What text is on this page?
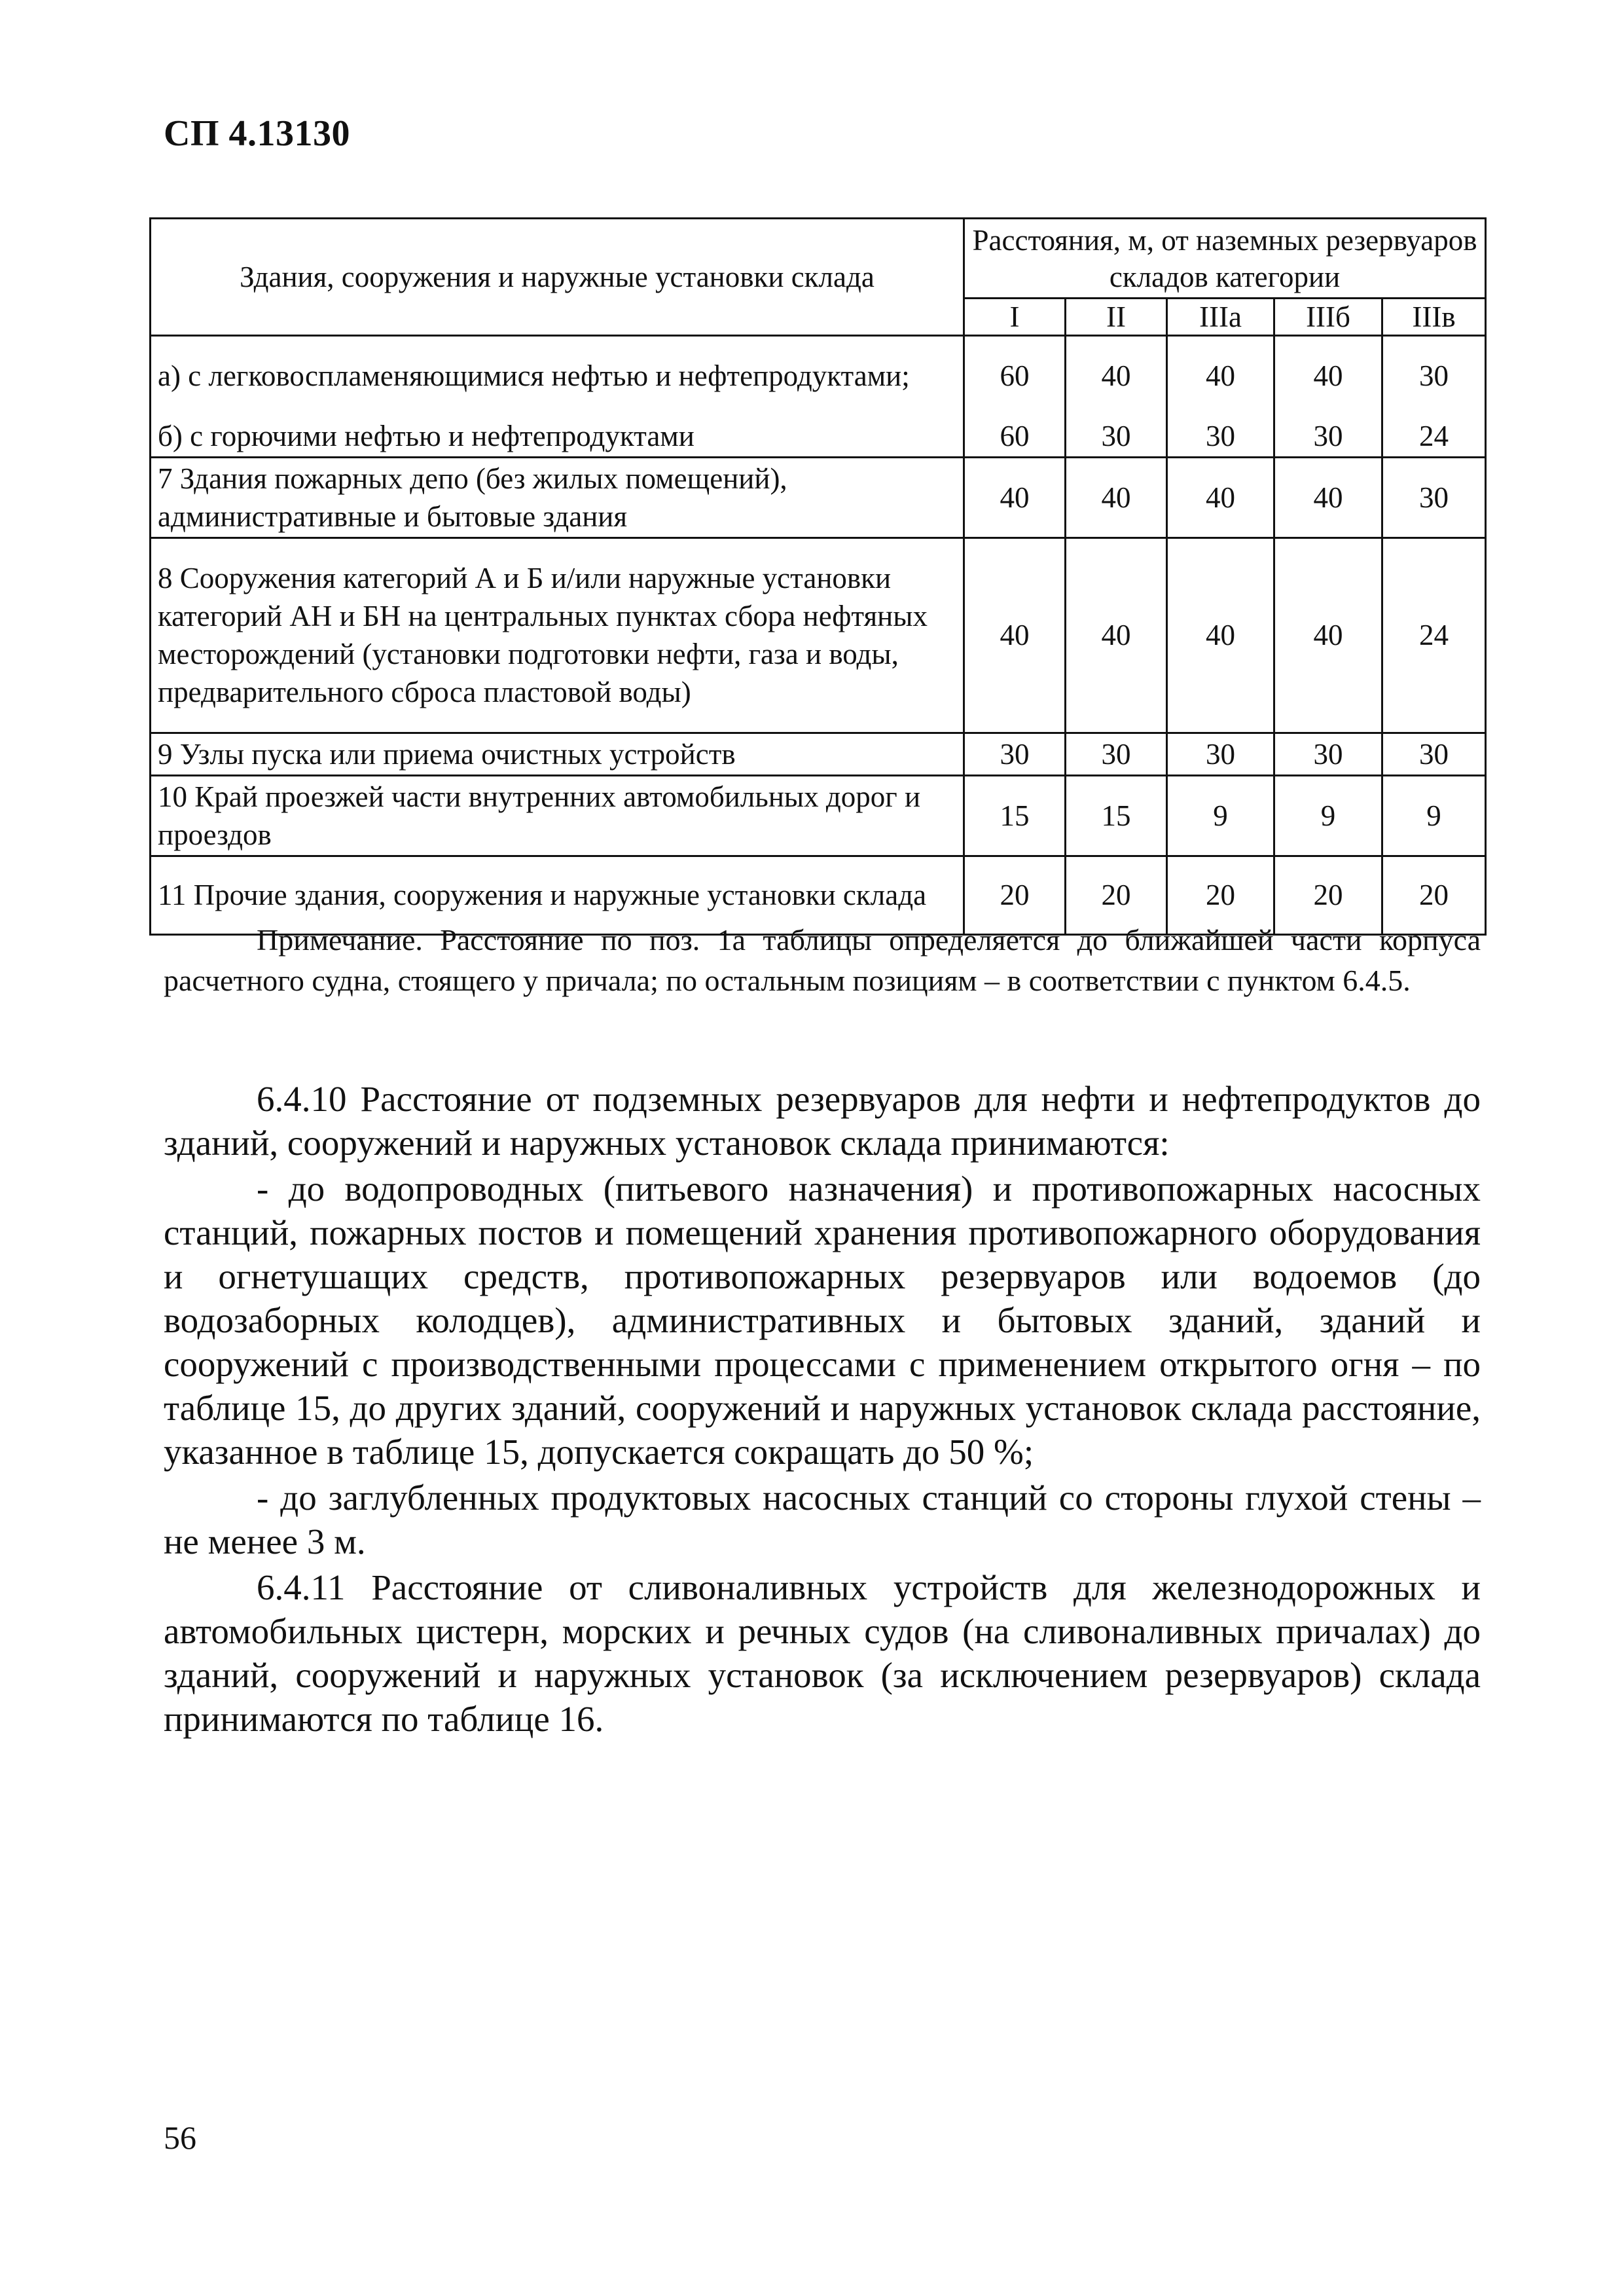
СП 4.13130
Здания, сооружения и наружные установки склада	Расстояния, м, от наземных резервуаров складов категории				
	I	II	IIIа	IIIб	IIIв
а) с легковоспламеняющимися нефтью и нефтепродуктами;	60	40	40	40	30
б) с горючими нефтью и нефтепродуктами	60	30	30	30	24
7 Здания пожарных депо (без жилых помещений), административные и бытовые здания	40	40	40	40	30
8 Сооружения категорий А и Б и/или наружные установки категорий АН и БН на центральных пунктах сбора нефтяных месторождений (установки подготовки нефти, газа и воды, предварительного сброса пластовой воды)	40	40	40	40	24
9 Узлы пуска или приема очистных устройств	30	30	30	30	30
10 Край проезжей части внутренних автомобильных дорог и проездов	15	15	9	9	9
11 Прочие здания, сооружения и наружные установки склада	20	20	20	20	20
Примечание. Расстояние по поз. 1а таблицы определяется до ближайшей части корпуса расчетного судна, стоящего у причала; по остальным позициям – в соответствии с пунктом 6.4.5.

6.4.10 Расстояние от подземных резервуаров для нефти и нефтепродуктов до зданий, сооружений и наружных установок склада принимаются:

- до водопроводных (питьевого назначения) и противопожарных насосных станций, пожарных постов и помещений хранения противопожарного оборудования и огнетушащих средств, противопожарных резервуаров или водоемов (до водозаборных колодцев), административных и бытовых зданий, зданий и сооружений с производственными процессами с применением открытого огня – по таблице 15, до других зданий, сооружений и наружных установок склада расстояние, указанное в таблице 15, допускается сокращать до 50 %;

- до заглубленных продуктовых насосных станций со стороны глухой стены – не менее 3 м.

6.4.11 Расстояние от сливоналивных устройств для железнодорожных и автомобильных цистерн, морских и речных судов (на сливоналивных причалах) до зданий, сооружений и наружных установок (за исключением резервуаров) склада принимаются по таблице 16.

56
